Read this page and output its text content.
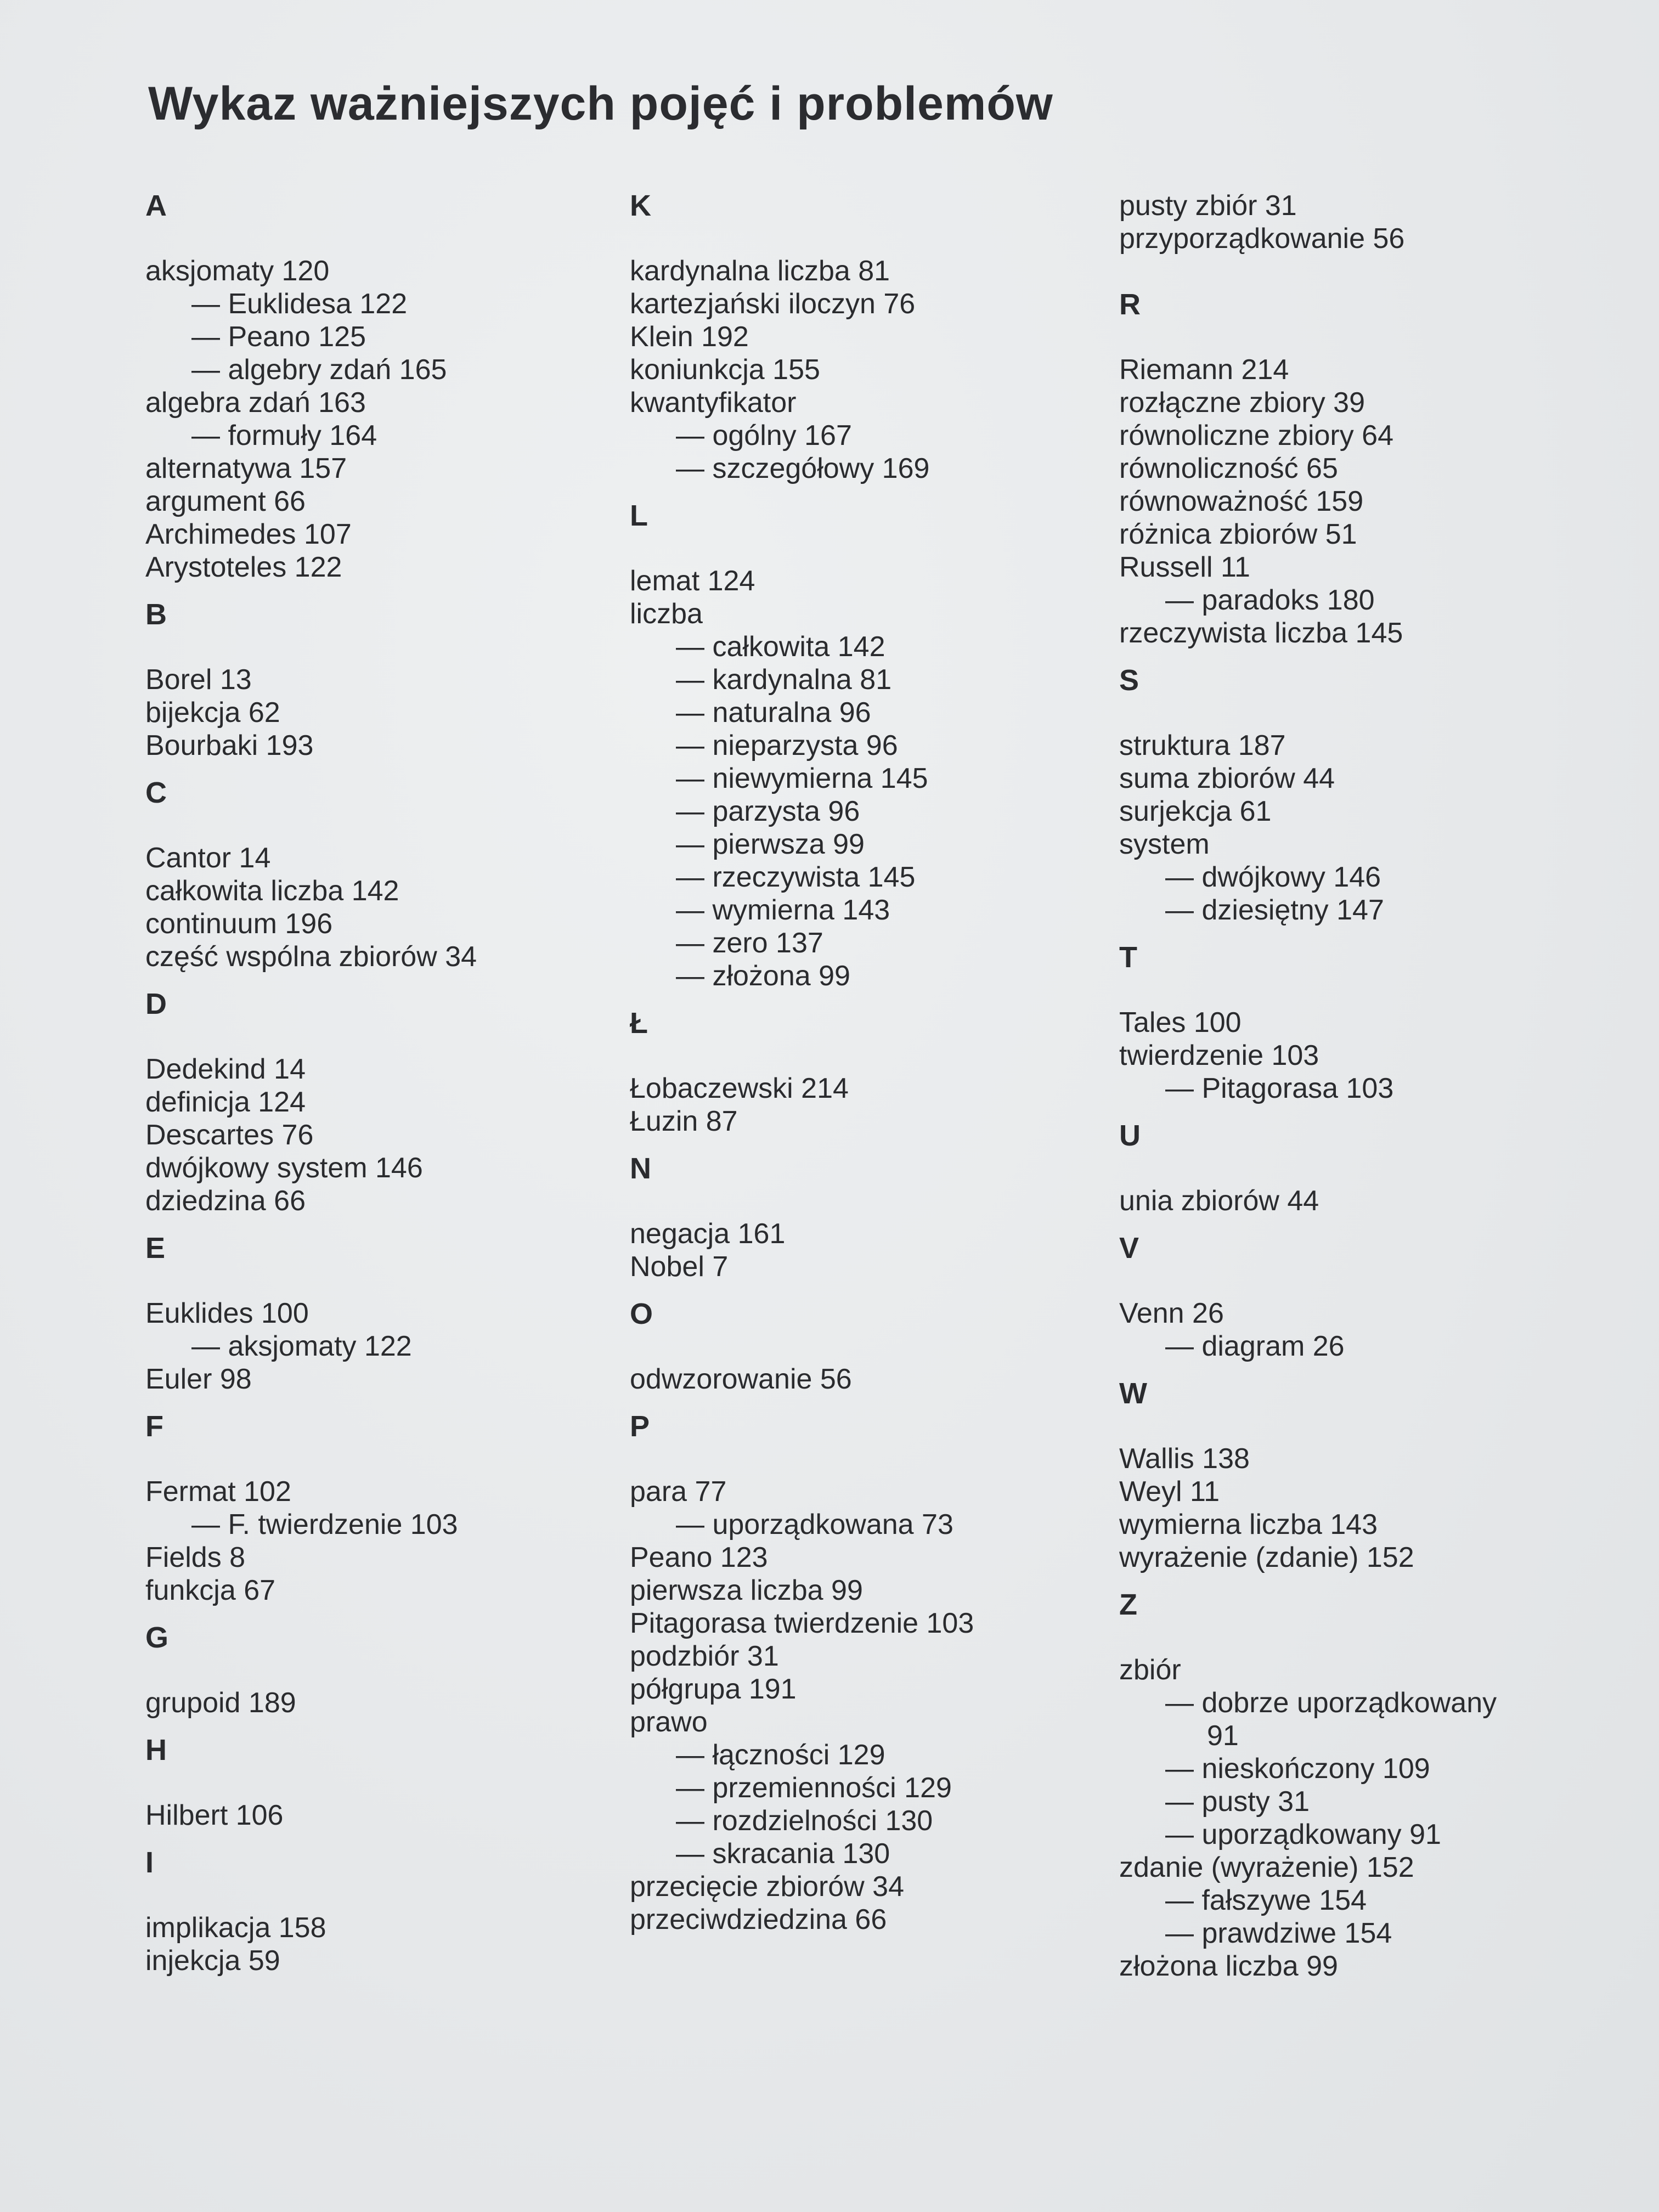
Wykaz ważniejszych pojęć i problemów
A
aksjomaty 120
— Euklidesa 122
— Peano 125
— algebry zdań 165
algebra zdań 163
— formuły 164
alternatywa 157
argument 66
Archimedes 107
Arystoteles 122
B
Borel 13
bijekcja 62
Bourbaki 193
C
Cantor 14
całkowita liczba 142
continuum 196
część wspólna zbiorów 34
D
Dedekind 14
definicja 124
Descartes 76
dwójkowy system 146
dziedzina 66
E
Euklides 100
— aksjomaty 122
Euler 98
F
Fermat 102
— F. twierdzenie 103
Fields 8
funkcja 67
G
grupoid 189
H
Hilbert 106
I
implikacja 158
injekcja 59
K
kardynalna liczba 81
kartezjański iloczyn 76
Klein 192
koniunkcja 155
kwantyfikator
— ogólny 167
— szczegółowy 169
L
lemat 124
liczba
— całkowita 142
— kardynalna 81
— naturalna 96
— nieparzysta 96
— niewymierna 145
— parzysta 96
— pierwsza 99
— rzeczywista 145
— wymierna 143
— zero 137
— złożona 99
Ł
Łobaczewski 214
Łuzin 87
N
negacja 161
Nobel 7
O
odwzorowanie 56
P
para 77
— uporządkowana 73
Peano 123
pierwsza liczba 99
Pitagorasa twierdzenie 103
podzbiór 31
półgrupa 191
prawo
— łączności 129
— przemienności 129
— rozdzielności 130
— skracania 130
przecięcie zbiorów 34
przeciwdziedzina 66
pusty zbiór 31
przyporządkowanie 56
R
Riemann 214
rozłączne zbiory 39
równoliczne zbiory 64
równoliczność 65
równoważność 159
różnica zbiorów 51
Russell 11
— paradoks 180
rzeczywista liczba 145
S
struktura 187
suma zbiorów 44
surjekcja 61
system
— dwójkowy 146
— dziesiętny 147
T
Tales 100
twierdzenie 103
— Pitagorasa 103
U
unia zbiorów 44
V
Venn 26
— diagram 26
W
Wallis 138
Weyl 11
wymierna liczba 143
wyrażenie (zdanie) 152
Z
zbiór
— dobrze uporządkowany
91
— nieskończony 109
— pusty 31
— uporządkowany 91
zdanie (wyrażenie) 152
— fałszywe 154
— prawdziwe 154
złożona liczba 99
